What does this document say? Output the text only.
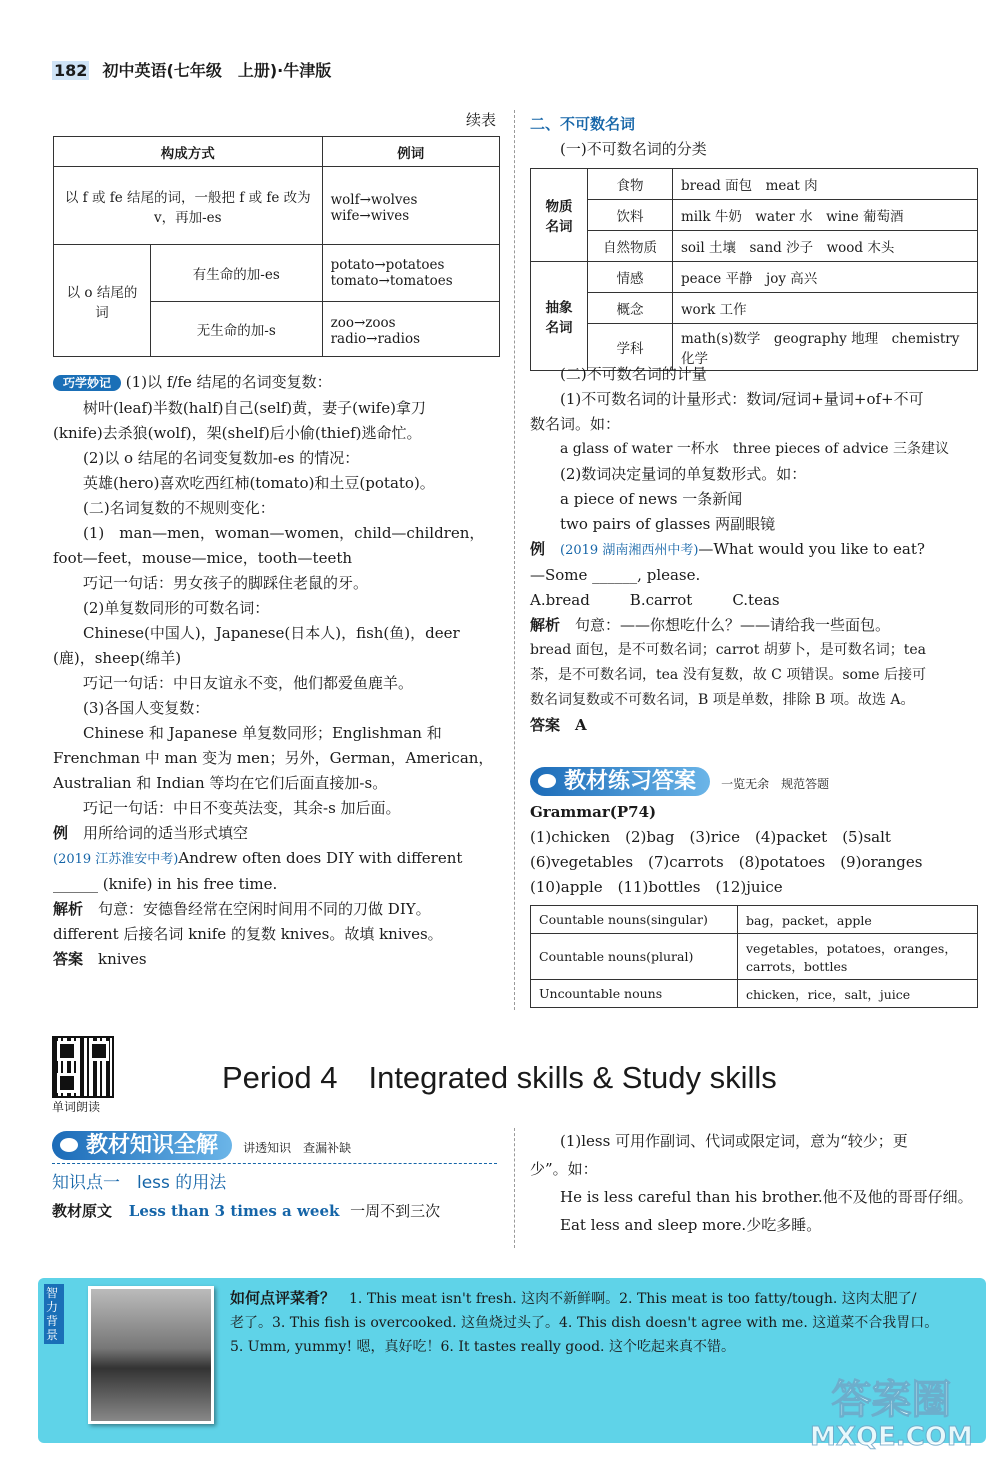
182 初中英语(七年级　上册)·牛津版
续表
构成方式		例词
以 f 或 fe 结尾的词，一般把 f 或 fe 改为 v，再加-es		wolf→wolves　wife→wives
以 o 结尾的词	有生命的加-es	potato→potatoes
tomato→tomatoes

	无生命的加-s	zoo→zoos　radio→radios
巧学妙记 (1)以 f/fe 结尾的名词变复数：
树叶(leaf)半数(half)自己(self)黄，妻子(wife)拿刀
(knife)去杀狼(wolf)，架(shelf)后小偷(thief)逃命忙。
(2)以 o 结尾的名词变复数加-es 的情况：
英雄(hero)喜欢吃西红柿(tomato)和土豆(potato)。
(二)名词复数的不规则变化：
(1)　man—men，woman—women，child—children，
foot—feet，mouse—mice，tooth—teeth
巧记一句话：男女孩子的脚踩住老鼠的牙。
(2)单复数同形的可数名词：
Chinese(中国人)，Japanese(日本人)，fish(鱼)，deer
(鹿)，sheep(绵羊)
巧记一句话：中日友谊永不变，他们都爱鱼鹿羊。
(3)各国人变复数：
Chinese 和 Japanese 单复数同形；Englishman 和
Frenchman 中 man 变为 men；另外，German，American，
Australian 和 Indian 等均在它们后面直接加-s。
巧记一句话：中日不变英法变，其余-s 加后面。
例　 用所给词的适当形式填空
(2019 江苏淮安中考)Andrew often does DIY with different
______ (knife) in his free time.
解析　 句意：安德鲁经常在空闲时间用不同的刀做 DIY。
different 后接名词 knife 的复数 knives。故填 knives。
答案　 knives
二、不可数名词
(一)不可数名词的分类
物质名词	食物	bread 面包　meat 肉
	饮料	milk 牛奶　water 水　wine 葡萄酒
	自然物质	soil 土壤　sand 沙子　wood 木头
抽象名词	情感	peace 平静　joy 高兴
	概念	work 工作
	学科	math(s)数学　geography 地理　chemistry 化学
(二)不可数名词的计量
(1)不可数名词的计量形式：数词/冠词+量词+of+不可
数名词。如：
a glass of water 一杯水　three pieces of advice 三条建议
(2)数词决定量词的单复数形式。如：
a piece of news 一条新闻
two pairs of glasses 两副眼镜
例　 (2019 湖南湘西州中考)—What would you like to eat?
—Some ______, please.
A.bread	B.carrot	C.teas
解析　 句意：——你想吃什么？——请给我一些面包。
bread 面包，是不可数名词；carrot 胡萝卜，是可数名词；tea
茶，是不可数名词，tea 没有复数，故 C 项错误。some 后接可
数名词复数或不可数名词，B 项是单数，排除 B 项。故选 A。
答案　 A
教材练习答案 一览无余　规范答题
Grammar(P74)
(1)chicken　(2)bag　(3)rice　(4)packet　(5)salt
(6)vegetables　(7)carrots　(8)potatoes　(9)oranges
(10)apple　(11)bottles　(12)juice
Countable nouns(singular)	bag，packet，apple
Countable nouns(plural)	vegetables，potatoes，oranges，carrots，bottles
Uncountable nouns	chicken，rice，salt，juice
单词朗读
Period 4　Integrated skills & Study skills
教材知识全解 讲透知识　查漏补缺
知识点一　less 的用法
教材原文 Less than 3 times a week 一周不到三次
(1)less 可用作副词、代词或限定词，意为“较少；更
少”。如：
He is less careful than his brother.他不及他的哥哥仔细。
Eat less and sleep more.少吃多睡。
智力背景
如何点评菜肴？　 1. This meat isn't fresh. 这肉不新鲜啊。2. This meat is too fatty/tough. 这肉太肥了/
老了。3. This fish is overcooked. 这鱼烧过头了。4. This dish doesn't agree with me. 这道菜不合我胃口。
5. Umm, yummy! 嗯，真好吃！6. It tastes really good. 这个吃起来真不错。
答案圈
MXQE.COM
